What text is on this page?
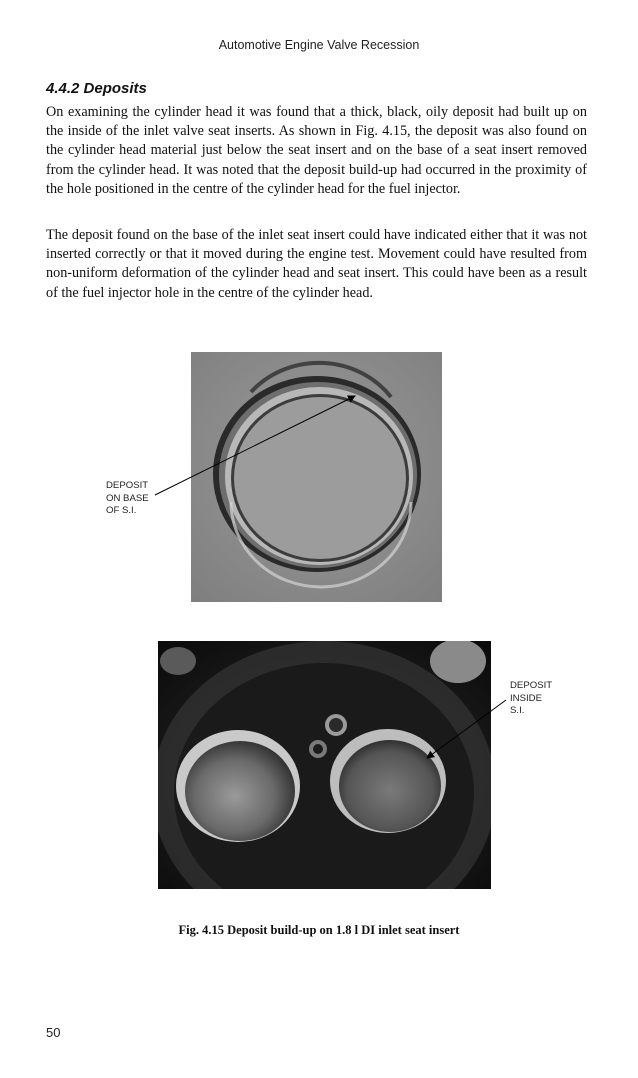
Automotive Engine Valve Recession
4.4.2 Deposits

On examining the cylinder head it was found that a thick, black, oily deposit had built up on the inside of the inlet valve seat inserts. As shown in Fig. 4.15, the deposit was also found on the cylinder head material just below the seat insert and on the base of a seat insert removed from the cylinder head. It was noted that the deposit build-up had occurred in the proximity of the hole positioned in the centre of the cylinder head for the fuel injector.

The deposit found on the base of the inlet seat insert could have indicated either that it was not inserted correctly or that it moved during the engine test. Movement could have resulted from non-uniform deformation of the cylinder head and seat insert. This could have been as a result of the fuel injector hole in the centre of the cylinder head.

DEPOSIT
ON BASE
OF S.I.
DEPOSIT
INSIDE
S.I.
Fig. 4.15 Deposit build-up on 1.8 l DI inlet seat insert
50
